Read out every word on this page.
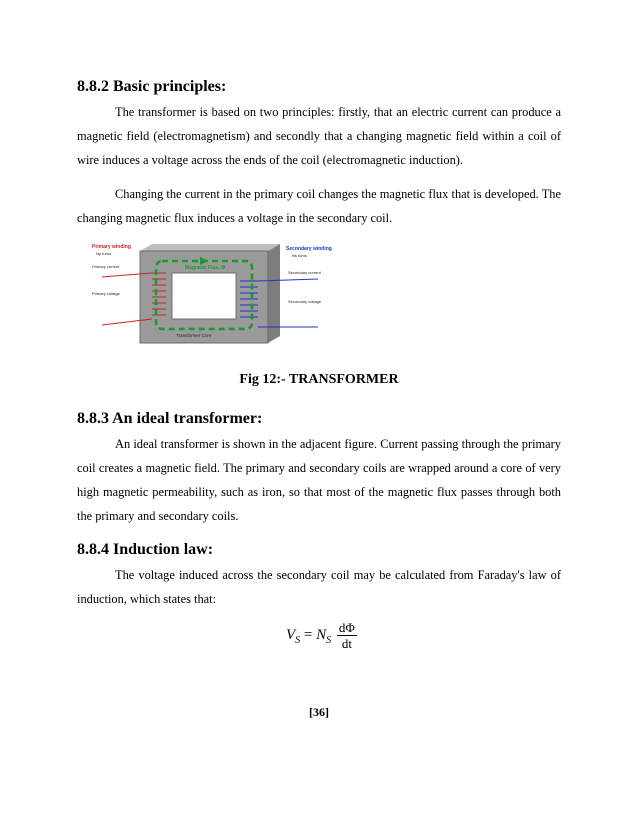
8.8.2 Basic principles:

The transformer is based on two principles: firstly, that an electric current can produce a magnetic field (electromagnetism) and secondly that a changing magnetic field within a coil of wire induces a voltage across the ends of the coil (electromagnetic induction).

Changing the current in the primary coil changes the magnetic flux that is developed. The changing magnetic flux induces a voltage in the secondary coil.

Primary winding
Np turns
Primary current
Primary voltage
Secondary winding
Ns turns
Secondary current
Secondary voltage
Magnetic Flux, Φ
Transformer Core
Fig 12:- TRANSFORMER
8.8.3 An ideal transformer:

An ideal transformer is shown in the adjacent figure. Current passing through the primary coil creates a magnetic field. The primary and secondary coils are wrapped around a core of very high magnetic permeability, such as iron, so that most of the magnetic flux passes through both the primary and secondary coils.

8.8.4 Induction law:

The voltage induced across the secondary coil may be calculated from Faraday's law of induction, which states that:

$V_S = N_S \frac{d\Phi}{dt}$
[36]
